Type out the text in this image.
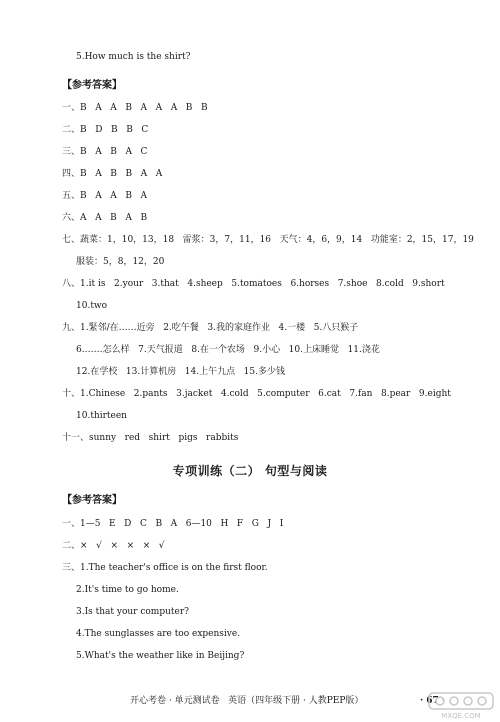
5.How much is the shirt?
【参考答案】
一、B   A   A   B   A   A   A   B   B
二、B   D   B   B   C
三、B   A   B   A   C
四、B   A   B   B   A   A
五、B   A   A   B   A
六、A   A   B   A   B
七、蔬菜：1，10，13，18   雷浆：3，7，11，16   天气：4，6，9，14   功能室：2，15，17，19
服装：5，8，12，20
八、1.it is   2.your   3.that   4.sheep   5.tomatoes   6.horses   7.shoe   8.cold   9.short
10.two
九、1.緊邻/在……近旁   2.吃午餐   3.我的家庭作业   4.一楼   5.八只猴子
6.……怎么样   7.天气报道   8.在一个农场   9.小心   10.上床睡觉   11.浇花
12.在学校   13.计算机房   14.上午九点   15.多少钱
十、1.Chinese   2.pants   3.jacket   4.cold   5.computer   6.cat   7.fan   8.pear   9.eight
10.thirteen
十一、sunny   red   shirt   pigs   rabbits
专项训练（二） 句型与阅读
【参考答案】
一、1—5   E   D   C   B   A   6—10   H   F   G   J   I
二、×   √   ×   ×   ×   √
三、1.The teacher's office is on the first floor.
2.It's time to go home.
3.Is that your computer?
4.The sunglasses are too expensive.
5.What's the weather like in Beijing?
开心考卷 · 单元测试卷   英语（四年级下册 · 人教PEP版）	· 67 ·
MXQE.COM
